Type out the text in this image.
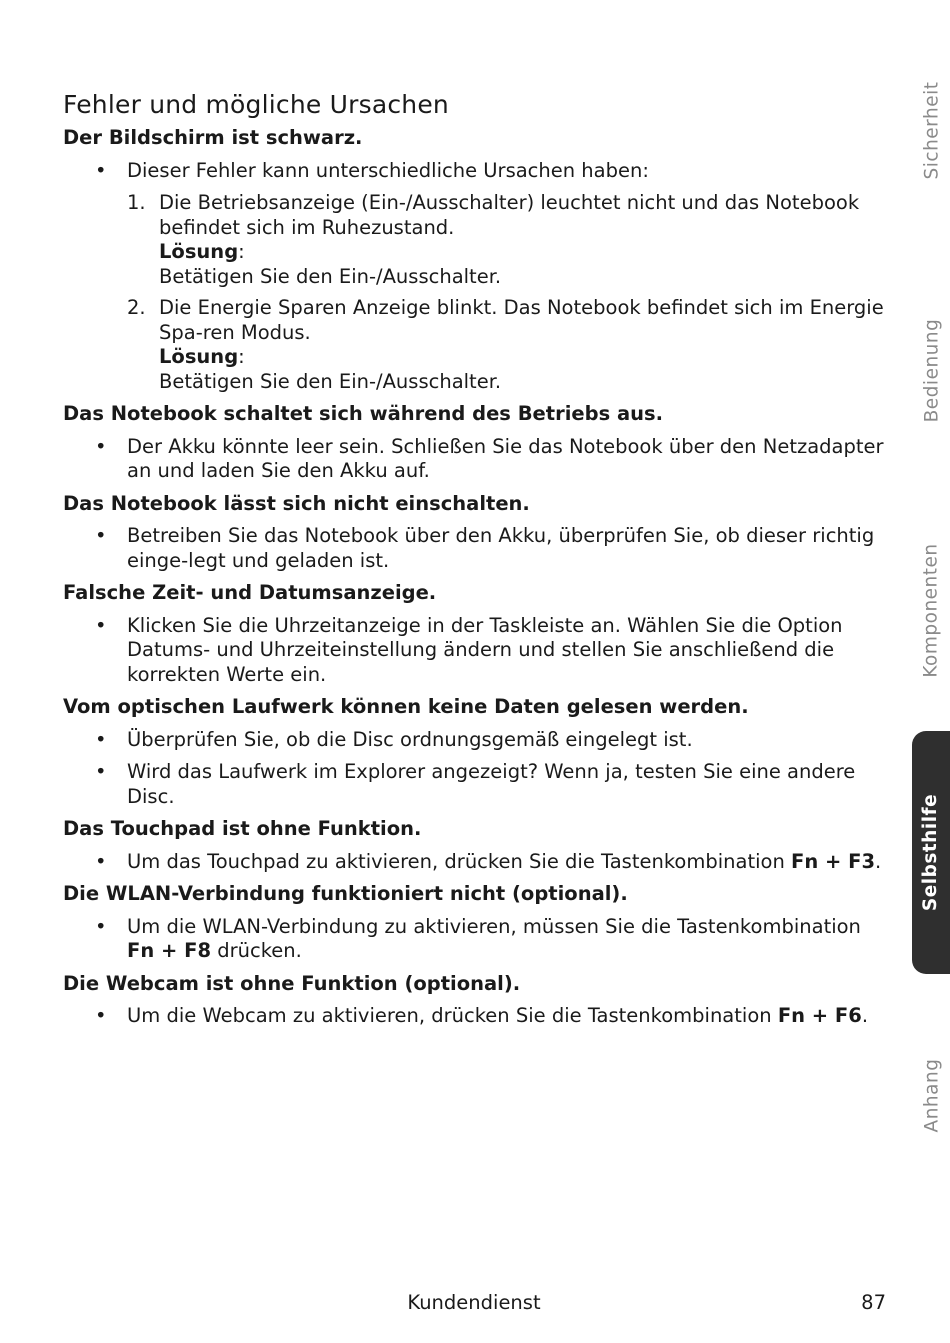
Fehler und mögliche Ursachen
Der Bildschirm ist schwarz.
• Dieser Fehler kann unterschiedliche Ursachen haben:
1. Die Betriebsanzeige (Ein-/Ausschalter) leuchtet nicht und das Notebook befindet sich im Ruhezustand.
Lösung:
Betätigen Sie den Ein-/Ausschalter.
2. Die Energie Sparen Anzeige blinkt. Das Notebook befindet sich im Energie Spa-ren Modus.
Lösung:
Betätigen Sie den Ein-/Ausschalter.
Das Notebook schaltet sich während des Betriebs aus.
• Der Akku könnte leer sein. Schließen Sie das Notebook über den Netzadapter an und laden Sie den Akku auf.
Das Notebook lässt sich nicht einschalten.
• Betreiben Sie das Notebook über den Akku, überprüfen Sie, ob dieser richtig einge-legt und geladen ist.
Falsche Zeit- und Datumsanzeige.
• Klicken Sie die Uhrzeitanzeige in der Taskleiste an. Wählen Sie die Option Datums- und Uhrzeiteinstellung ändern und stellen Sie anschließend die korrekten Werte ein.
Vom optischen Laufwerk können keine Daten gelesen werden.
• Überprüfen Sie, ob die Disc ordnungsgemäß eingelegt ist.
• Wird das Laufwerk im Explorer angezeigt? Wenn ja, testen Sie eine andere Disc.
Das Touchpad ist ohne Funktion.
• Um das Touchpad zu aktivieren, drücken Sie die Tastenkombination Fn + F3.
Die WLAN-Verbindung funktioniert nicht (optional).
• Um die WLAN-Verbindung zu aktivieren, müssen Sie die Tastenkombination Fn + F8 drücken.
Die Webcam ist ohne Funktion (optional).
• Um die Webcam zu aktivieren, drücken Sie die Tastenkombination Fn + F6.
Sicherheit
Bedienung
Komponenten
Selbsthilfe
Anhang
Kundendienst	87
